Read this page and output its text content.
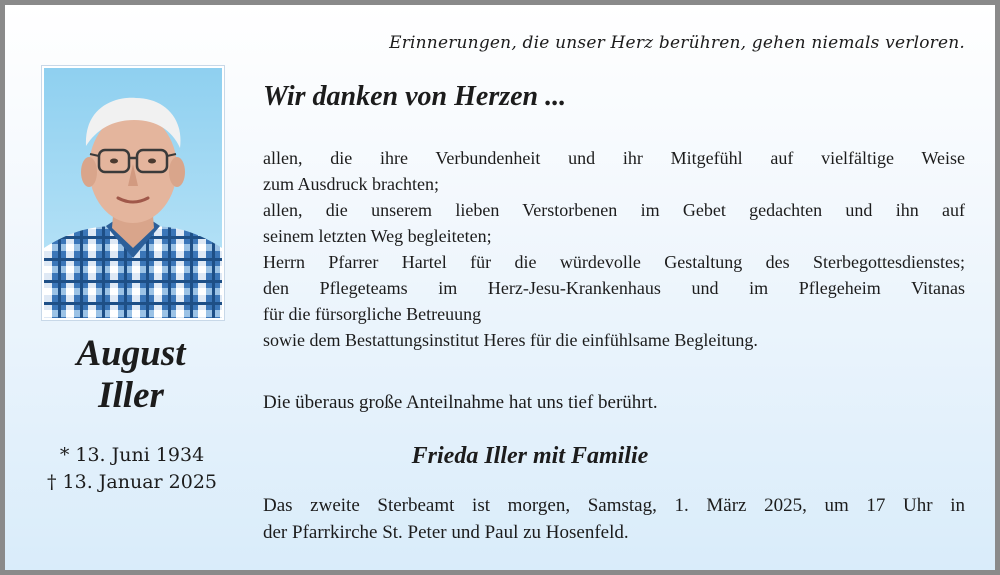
Erinnerungen, die unser Herz berühren, gehen niemals verloren.
August
Iller
* 13. Juni 1934
† 13. Januar 2025
Wir danken von Herzen ...

allen, die ihre Verbundenheit und ihr Mitgefühl auf vielfältige Weise

zum Ausdruck brachten;

allen, die unserem lieben Verstorbenen im Gebet gedachten und ihn auf

seinem letzten Weg begleiteten;

Herrn Pfarrer Hartel für die würdevolle Gestaltung des Sterbegottesdienstes;

den Pflegeteams im Herz-Jesu-Krankenhaus und im Pflegeheim Vitanas

für die fürsorgliche Betreuung

sowie dem Bestattungsinstitut Heres für die einfühlsame Begleitung.

Die überaus große Anteilnahme hat uns tief berührt.
Frieda Iller mit Familie

Das zweite Sterbeamt ist morgen, Samstag, 1. März 2025, um 17 Uhr in

der Pfarrkirche St. Peter und Paul zu Hosenfeld.
